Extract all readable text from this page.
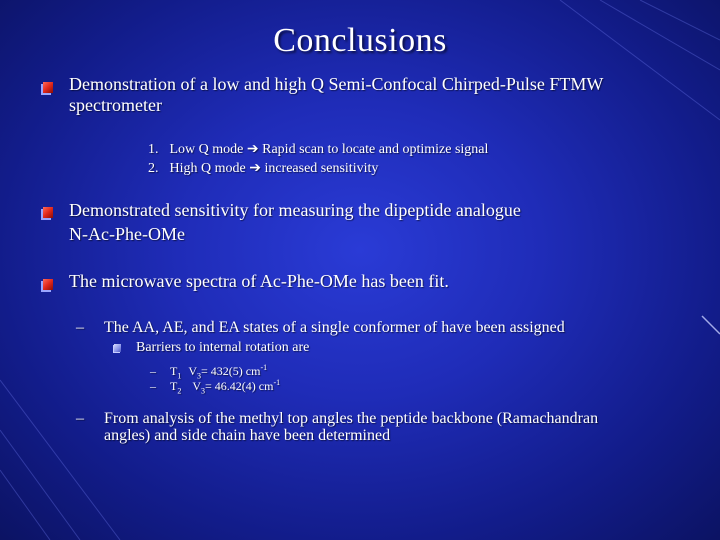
Conclusions
Demonstration of a low and high Q Semi-Confocal Chirped-Pulse FTMW
spectrometer
1. Low Q mode ➔ Rapid scan to locate and optimize signal
2. High Q mode ➔ increased sensitivity
Demonstrated sensitivity for measuring the dipeptide analogue
N-Ac-Phe-OMe
The microwave spectra of Ac-Phe-OMe has been fit.
– The AA, AE, and EA states of a single conformer of have been assigned
Barriers to internal rotation are
– $T_1$ $V_3= 432(5)$ $cm^{-1}$
– $T_2$ $V_3= 46.42(4)$ $cm^{-1}$
– From analysis of the methyl top angles the peptide backbone (Ramachandran
angles) and side chain have been determined
